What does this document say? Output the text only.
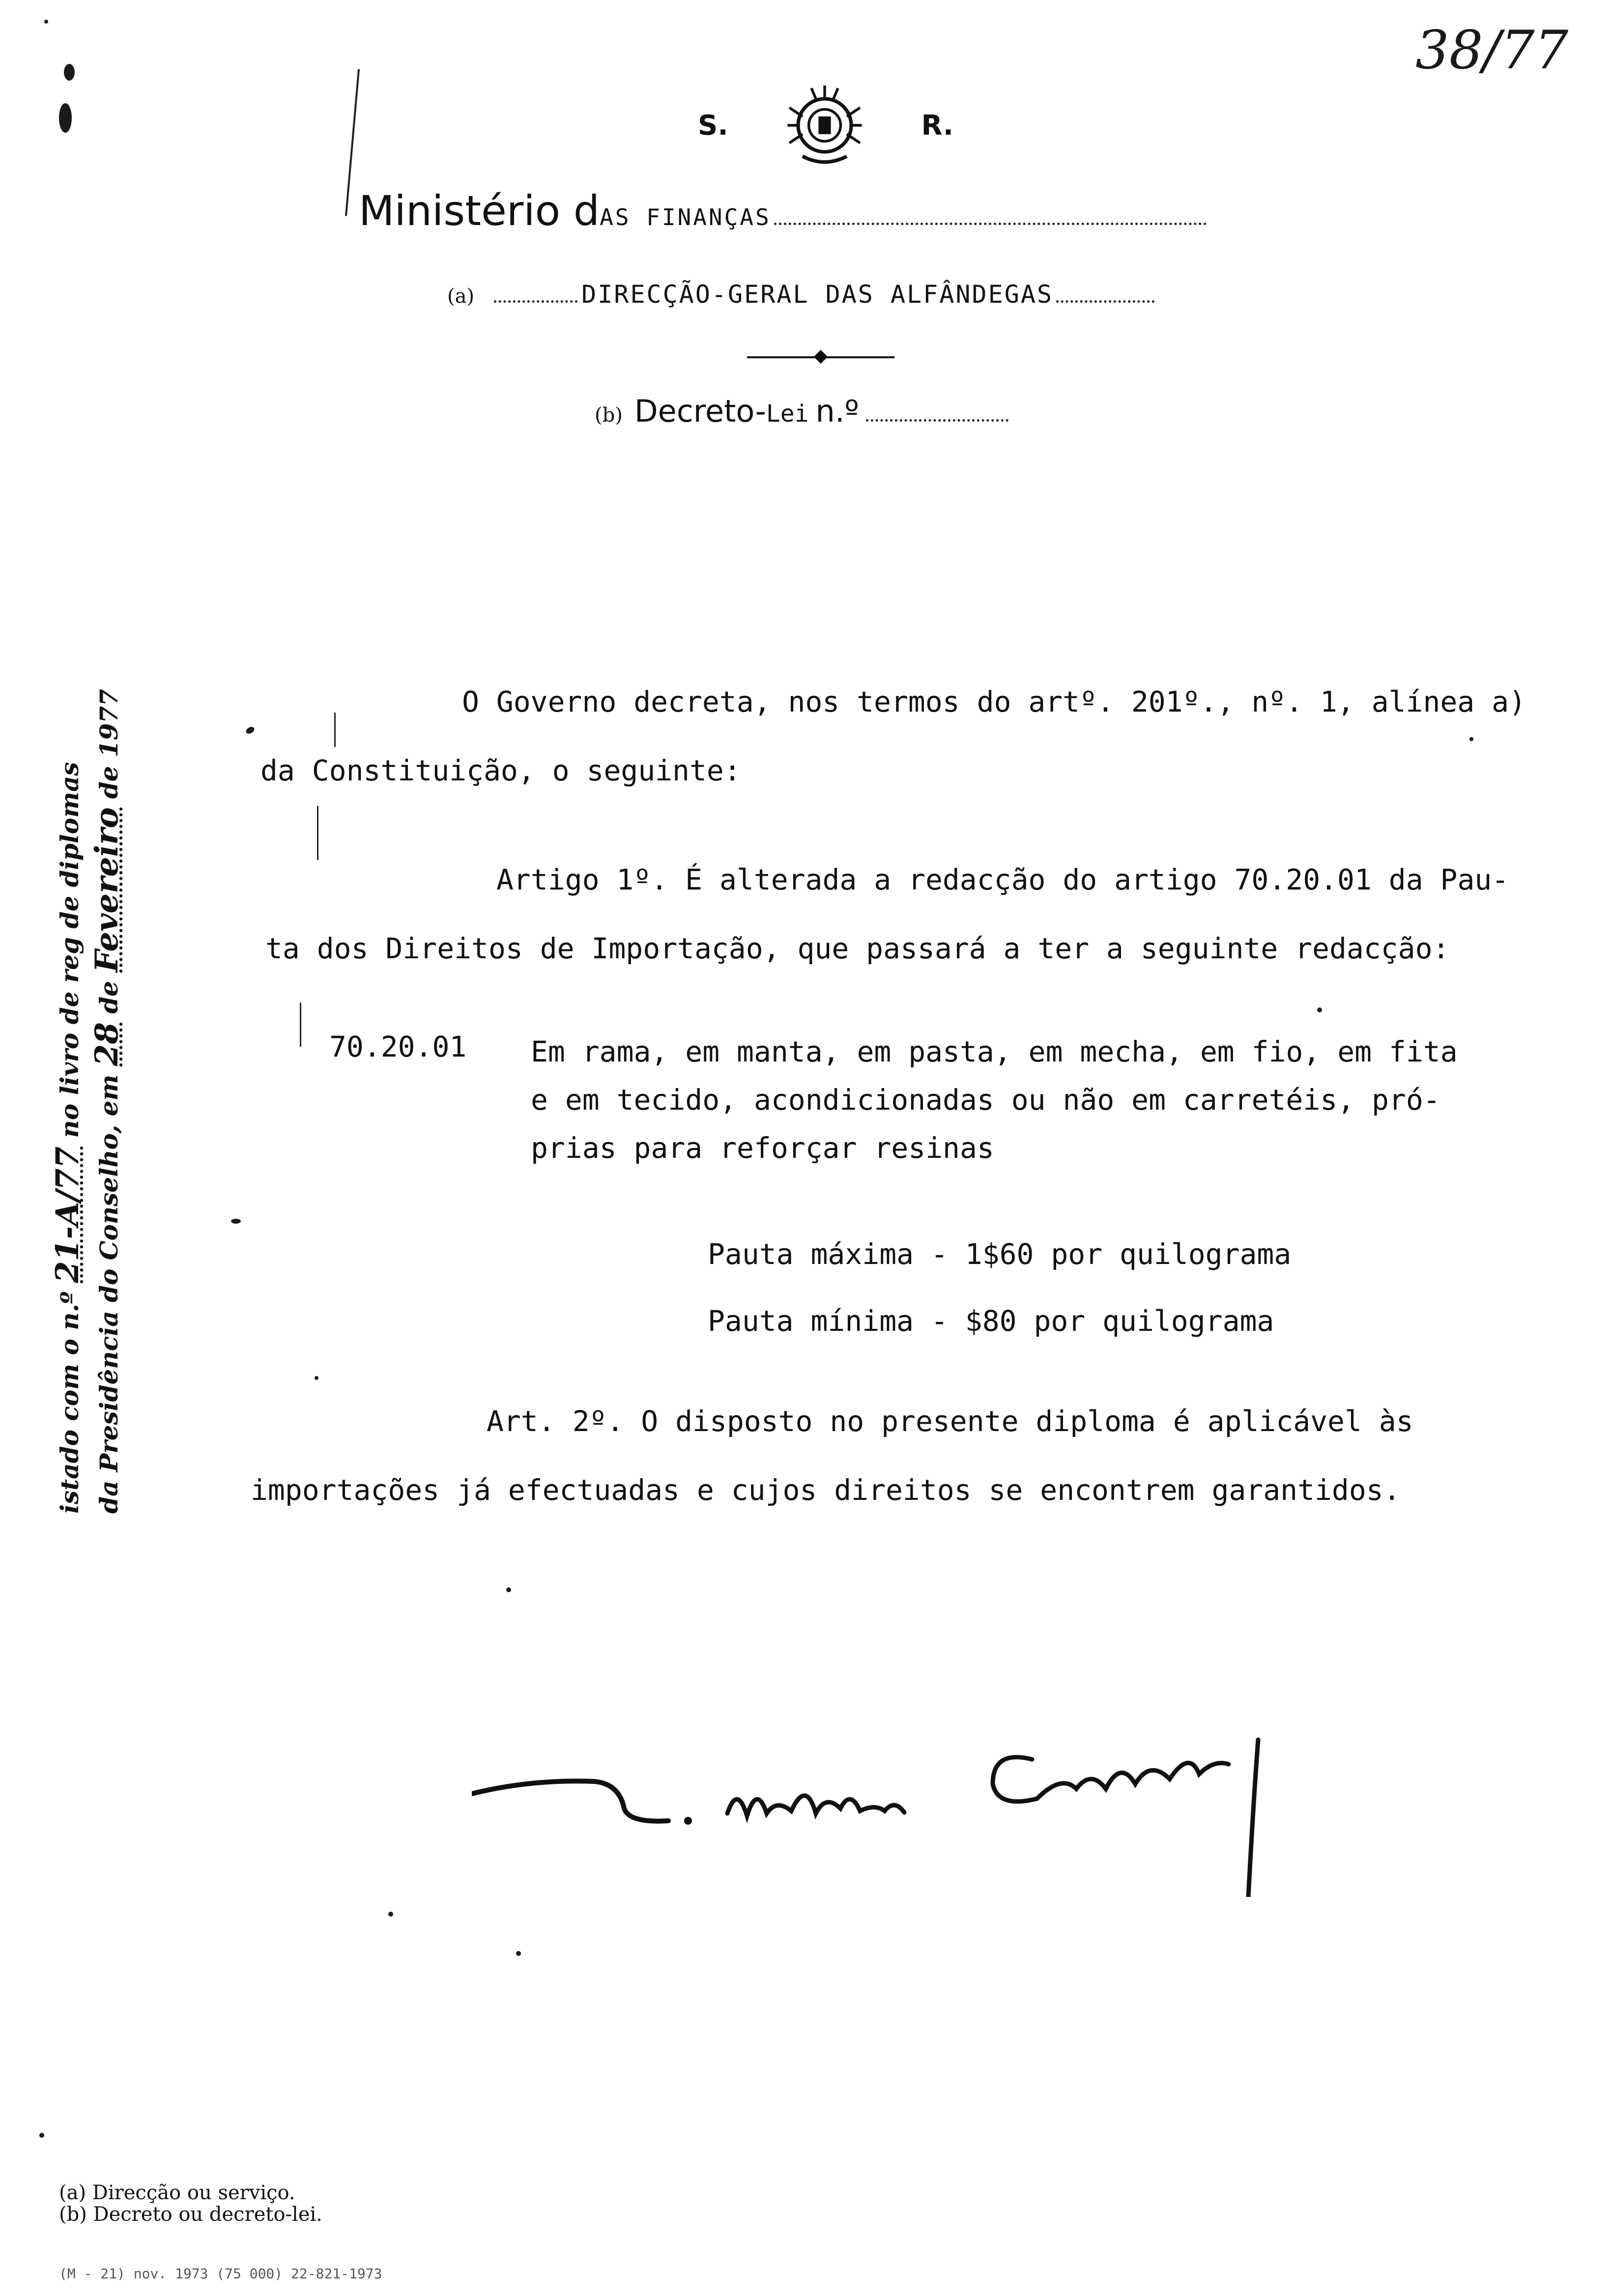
38/77
S.	R.
Ministério d AS FINANÇAS
(a)	DIRECÇÃO-GERAL DAS ALFÂNDEGAS
(b) Decreto- Lei n.º
istado com o n.º 21-A/77 no livro de reg de diplomas
da Presidência do Conselho, em 28 de Fevereiro de 1977	O Governo decreta, nos termos do artº. 201º., nº. 1, alínea a)
da Constituição, o seguinte:
Artigo 1º. É alterada a redacção do artigo 70.20.01 da Pau-
ta dos Direitos de Importação, que passará a ter a seguinte redacção:
70.20.01 Em rama, em manta, em pasta, em mecha, em fio, em fita
e em tecido, acondicionadas ou não em carretéis, pró-
prias para reforçar resinas
Pauta máxima - 1$60 por quilograma
Pauta mínima - $80 por quilograma
Art. 2º. O disposto no presente diploma é aplicável às
importações já efectuadas e cujos direitos se encontrem garantidos.
(a) Direcção ou serviço.
(b) Decreto ou decreto-lei.
(M - 21) nov. 1973 (75 000) 22-821-1973
